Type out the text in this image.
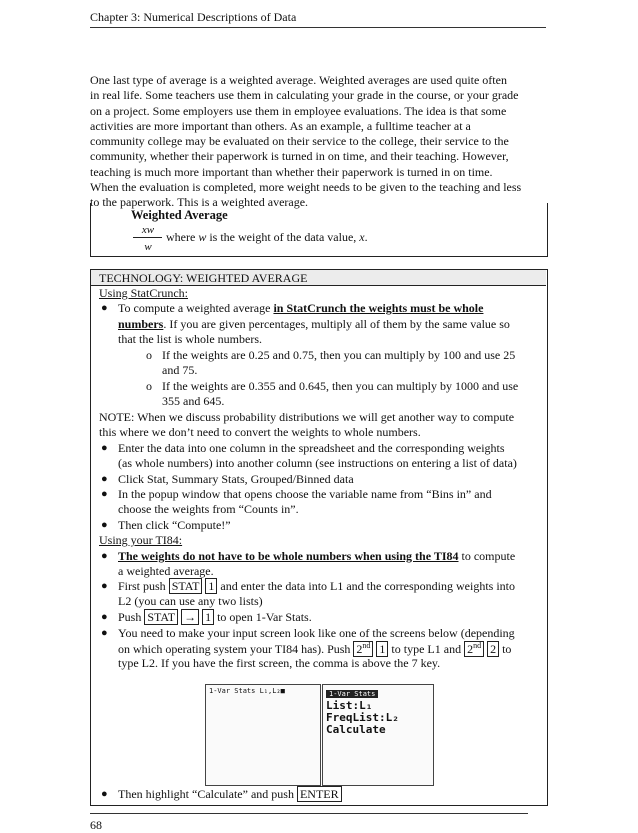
Chapter 3: Numerical Descriptions of Data
One last type of average is a weighted average. Weighted averages are used quite often
in real life. Some teachers use them in calculating your grade in the course, or your grade
on a project. Some employers use them in employee evaluations. The idea is that some
activities are more important than others. As an example, a fulltime teacher at a
community college may be evaluated on their service to the college, their service to the
community, whether their paperwork is turned in on time, and their teaching. However,
teaching is much more important than whether their paperwork is turned in on time.
When the evaluation is completed, more weight needs to be given to the teaching and less
to the paperwork. This is a weighted average.
Weighted Average
xw
w
where w is the weight of the data value, x.
TECHNOLOGY: WEIGHTED AVERAGE
Using StatCrunch:
● To compute a weighted average in StatCrunch the weights must be whole
numbers. If you are given percentages, multiply all of them by the same value so
that the list is whole numbers.
o If the weights are 0.25 and 0.75, then you can multiply by 100 and use 25
and 75.
o If the weights are 0.355 and 0.645, then you can multiply by 1000 and use
355 and 645.
NOTE: When we discuss probability distributions we will get another way to compute
this where we don’t need to convert the weights to whole numbers.
● Enter the data into one column in the spreadsheet and the corresponding weights
(as whole numbers) into another column (see instructions on entering a list of data)
● Click Stat, Summary Stats, Grouped/Binned data
● In the popup window that opens choose the variable name from “Bins in” and
choose the weights from “Counts in”.
● Then click “Compute!”
Using your TI84:
● The weights do not have to be whole numbers when using the TI84 to compute
a weighted average.
● First push STAT 1 and enter the data into L1 and the corresponding weights into
L2 (you can use any two lists)
● Push STAT → 1 to open 1-Var Stats.
● You need to make your input screen look like one of the screens below (depending
on which operating system your TI84 has). Push 2nd 1 to type L1 and 2nd 2 to
type L2. If you have the first screen, the comma is above the 7 key.
1-Var Stats L₁,L₂■	1-Var Stats
List:L₁
FreqList:L₂
Calculate
● Then highlight “Calculate” and push ENTER
68
